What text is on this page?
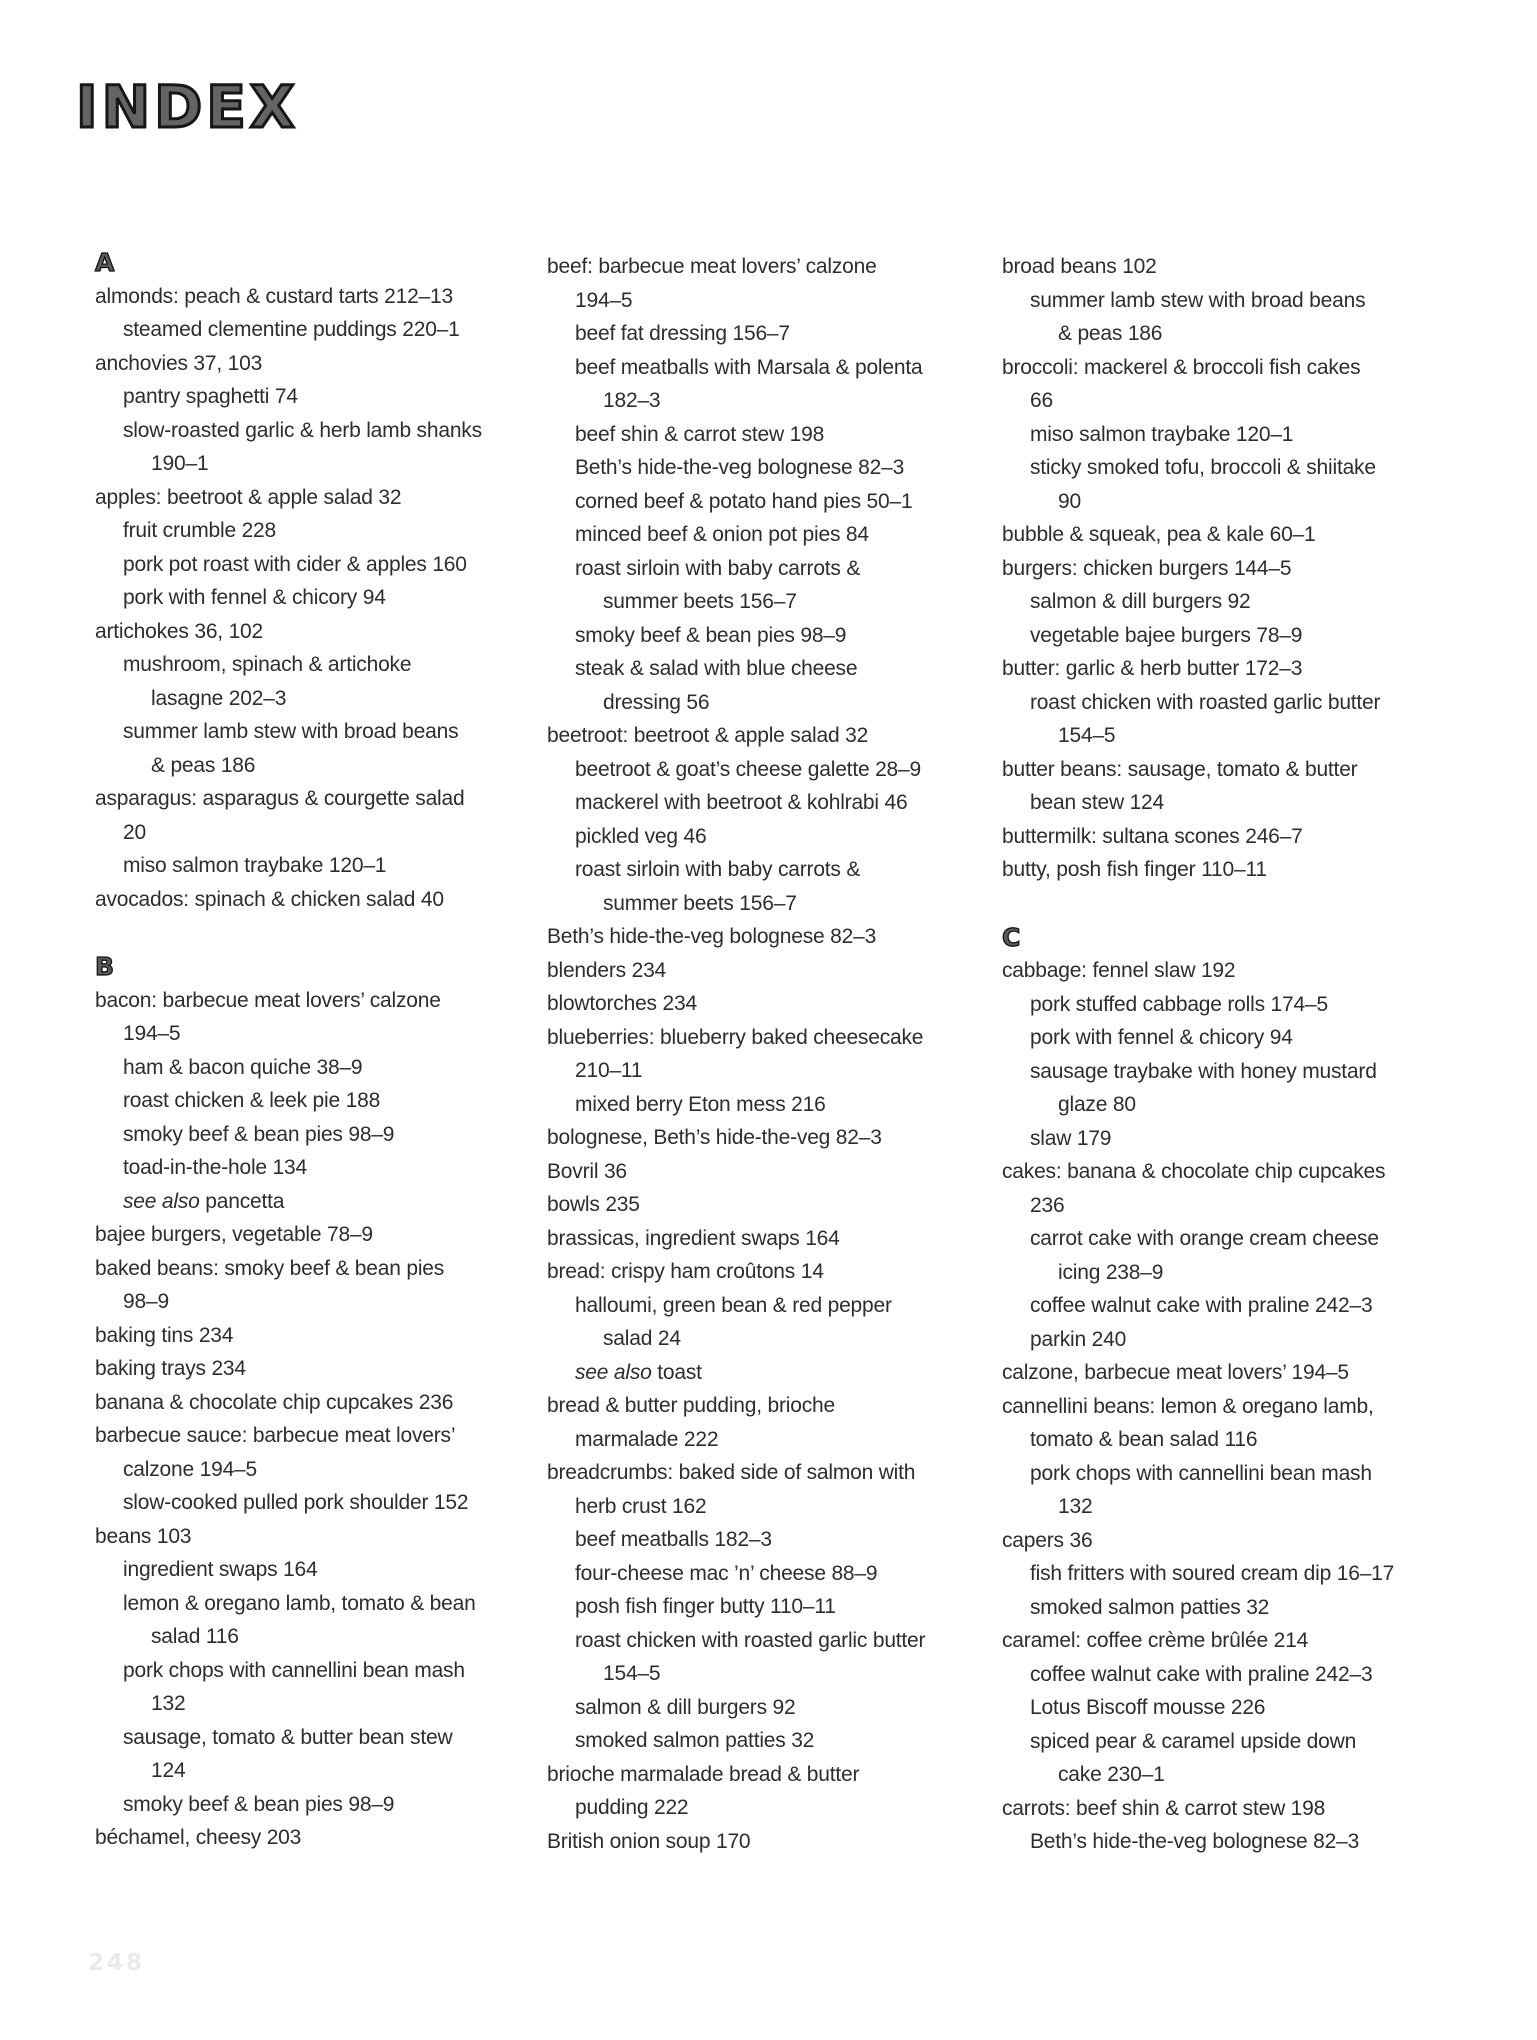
INDEX
A
almonds: peach & custard tarts 212–13
steamed clementine puddings 220–1
anchovies 37, 103
pantry spaghetti 74
slow-roasted garlic & herb lamb shanks
190–1
apples: beetroot & apple salad 32
fruit crumble 228
pork pot roast with cider & apples 160
pork with fennel & chicory 94
artichokes 36, 102
mushroom, spinach & artichoke
lasagne 202–3
summer lamb stew with broad beans
& peas 186
asparagus: asparagus & courgette salad
20
miso salmon traybake 120–1
avocados: spinach & chicken salad 40
B
bacon: barbecue meat lovers’ calzone
194–5
ham & bacon quiche 38–9
roast chicken & leek pie 188
smoky beef & bean pies 98–9
toad-in-the-hole 134
see also pancetta
bajee burgers, vegetable 78–9
baked beans: smoky beef & bean pies
98–9
baking tins 234
baking trays 234
banana & chocolate chip cupcakes 236
barbecue sauce: barbecue meat lovers’
calzone 194–5
slow-cooked pulled pork shoulder 152
beans 103
ingredient swaps 164
lemon & oregano lamb, tomato & bean
salad 116
pork chops with cannellini bean mash
132
sausage, tomato & butter bean stew
124
smoky beef & bean pies 98–9
béchamel, cheesy 203
beef: barbecue meat lovers’ calzone
194–5
beef fat dressing 156–7
beef meatballs with Marsala & polenta
182–3
beef shin & carrot stew 198
Beth’s hide-the-veg bolognese 82–3
corned beef & potato hand pies 50–1
minced beef & onion pot pies 84
roast sirloin with baby carrots &
summer beets 156–7
smoky beef & bean pies 98–9
steak & salad with blue cheese
dressing 56
beetroot: beetroot & apple salad 32
beetroot & goat’s cheese galette 28–9
mackerel with beetroot & kohlrabi 46
pickled veg 46
roast sirloin with baby carrots &
summer beets 156–7
Beth’s hide-the-veg bolognese 82–3
blenders 234
blowtorches 234
blueberries: blueberry baked cheesecake
210–11
mixed berry Eton mess 216
bolognese, Beth’s hide-the-veg 82–3
Bovril 36
bowls 235
brassicas, ingredient swaps 164
bread: crispy ham croûtons 14
halloumi, green bean & red pepper
salad 24
see also toast
bread & butter pudding, brioche
marmalade 222
breadcrumbs: baked side of salmon with
herb crust 162
beef meatballs 182–3
four-cheese mac ’n’ cheese 88–9
posh fish finger butty 110–11
roast chicken with roasted garlic butter
154–5
salmon & dill burgers 92
smoked salmon patties 32
brioche marmalade bread & butter
pudding 222
British onion soup 170
broad beans 102
summer lamb stew with broad beans
& peas 186
broccoli: mackerel & broccoli fish cakes
66
miso salmon traybake 120–1
sticky smoked tofu, broccoli & shiitake
90
bubble & squeak, pea & kale 60–1
burgers: chicken burgers 144–5
salmon & dill burgers 92
vegetable bajee burgers 78–9
butter: garlic & herb butter 172–3
roast chicken with roasted garlic butter
154–5
butter beans: sausage, tomato & butter
bean stew 124
buttermilk: sultana scones 246–7
butty, posh fish finger 110–11
C
cabbage: fennel slaw 192
pork stuffed cabbage rolls 174–5
pork with fennel & chicory 94
sausage traybake with honey mustard
glaze 80
slaw 179
cakes: banana & chocolate chip cupcakes
236
carrot cake with orange cream cheese
icing 238–9
coffee walnut cake with praline 242–3
parkin 240
calzone, barbecue meat lovers’ 194–5
cannellini beans: lemon & oregano lamb,
tomato & bean salad 116
pork chops with cannellini bean mash
132
capers 36
fish fritters with soured cream dip 16–17
smoked salmon patties 32
caramel: coffee crème brûlée 214
coffee walnut cake with praline 242–3
Lotus Biscoff mousse 226
spiced pear & caramel upside down
cake 230–1
carrots: beef shin & carrot stew 198
Beth’s hide-the-veg bolognese 82–3
248
